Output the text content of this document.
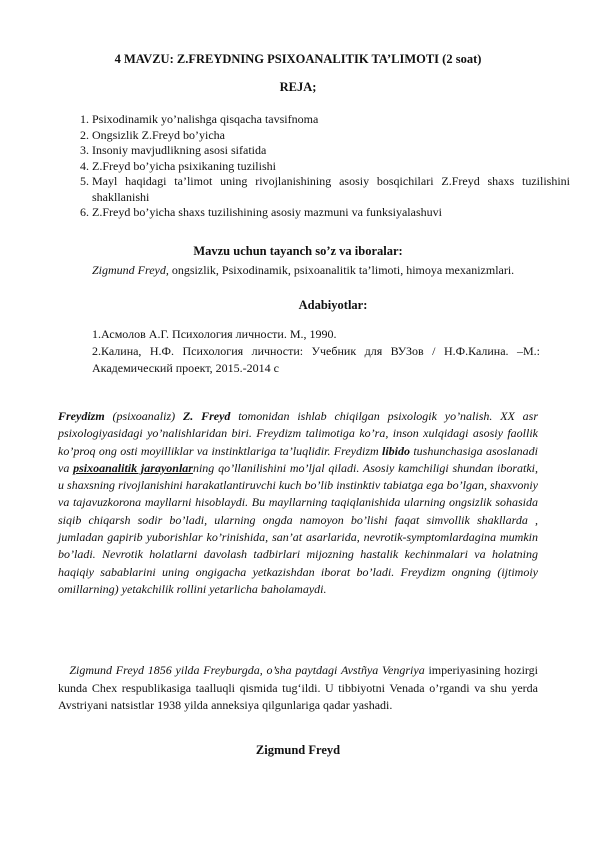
4 MAVZU: Z.FREYDNING PSIXOANALITIK TA’LIMOTI (2 soat)
REJA;
1. Psixodinamik yo’nalishga qisqacha tavsifnoma
2. Ongsizlik Z.Freyd bo’yicha
3. Insoniy mavjudlikning asosi sifatida
4. Z.Freyd bo’yicha psixikaning tuzilishi
5. Mayl haqidagi ta’limot uning rivojlanishining asosiy bosqichilari Z.Freyd shaxs tuzilishini shakllanishi
6. Z.Freyd bo’yicha shaxs tuzilishining asosiy mazmuni va funksiyalashuvi
Mavzu uchun tayanch so’z va iboralar:
Zigmund Freyd, ongsizlik, Psixodinamik, psixoanalitik ta’limoti, himoya mexanizmlari.
Adabiyotlar:
1.Асмолов А.Г. Психология личности. М., 1990.
2.Калина, Н.Ф. Психология личности: Учебник для ВУЗов / Н.Ф.Калина. –М.: Академический проект, 2015.-2014 с
Freydizm (psixoanaliz) Z. Freyd tomonidan ishlab chiqilgan psixologik yo’nalish. XX asr psixologiyasidagi yo’nalishlaridan biri. Freydizm talimotiga ko’ra, inson xulqidagi asosiy faollik ko’proq ong osti moyilliklar va instinktlariga ta’luqlidir. Freydizm libido tushunchasiga asoslanadi va psixoanalitik jarayonlarning qo’llanilishini mo’ljal qiladi. Asosiy kamchiligi shundan iboratki, u shaxsning rivojlanishini harakatlantiruvchi kuch bo’lib instinktiv tabiatga ega bo’lgan, shaxvoniy va tajavuzkorona mayllarni hisoblaydi. Bu mayllarning taqiqlanishida ularning ongsizlik sohasida siqib chiqarsh sodir bo’ladi, ularning ongda namoyon bo’lishi faqat simvollik shakllarda , jumladan gapirib yuborishlar ko’rinishida, san’at asarlarida, nevrotik-symptomlardagina mumkin bo’ladi. Nevrotik holatlarni davolash tadbirlari mijozning hastalik kechinmalari va holatning haqiqiy sabablarini uning ongigacha yetkazishdan iborat bo’ladi. Freydizm ongning (ijtimoiy omillarning) yetakchilik rollini yetarlicha baholamaydi.
Zigmund Freyd 1856 yilda Freyburgda, o’sha paytdagi Avstñya Vengriya imperiyasining hozirgi kunda Chex respublikasiga taalluqli qismida tug‘ildi. U tibbiyotni Venada o’rgandi va shu yerda Avstriyani natsistlar 1938 yilda anneksiya qilgunlariga qadar yashadi.
Zigmund Freyd
